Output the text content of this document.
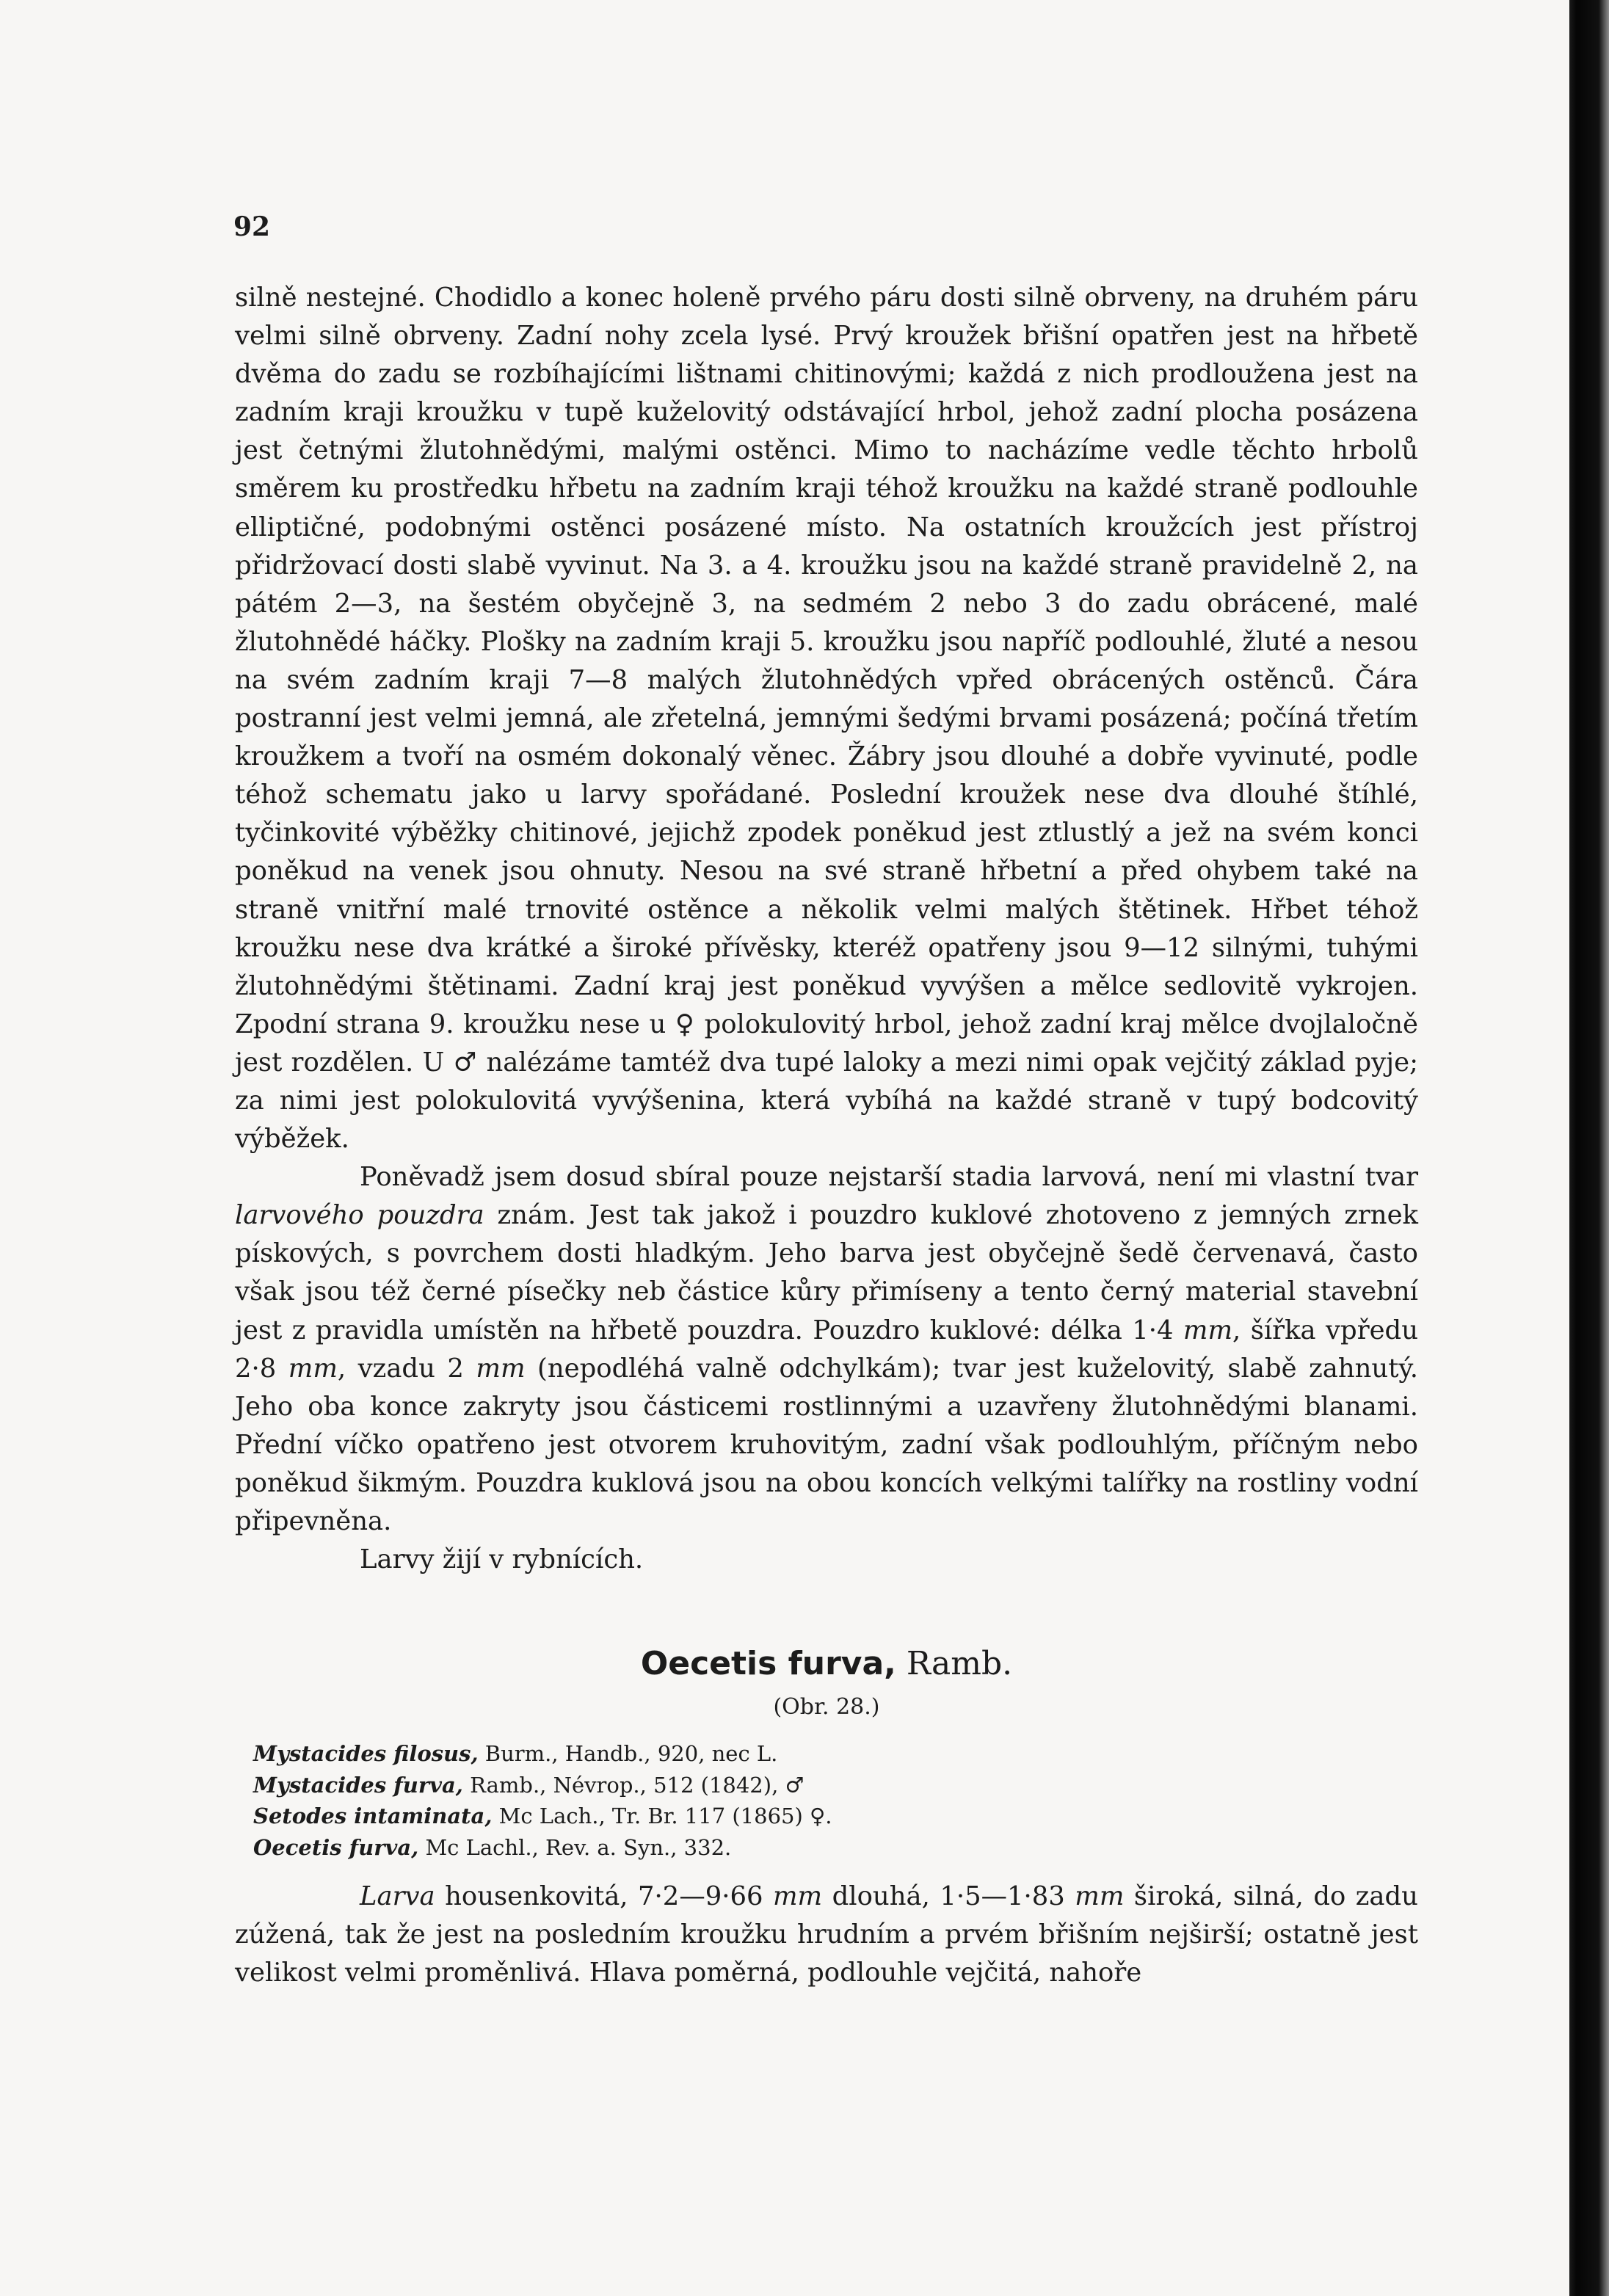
92

silně nestejné. Chodidlo a konec holeně prvého páru dosti silně obrveny, na druhém páru velmi silně obrveny. Zadní nohy zcela lysé. Prvý kroužek břišní opatřen jest na hřbetě dvěma do zadu se rozbíhajícími lištnami chitinovými; každá z nich prodloužena jest na zadním kraji kroužku v tupě kuželovitý odstávající hrbol, jehož zadní plocha posázena jest četnými žlutohnědými, malými ostěnci. Mimo to nacházíme vedle těchto hrbolů směrem ku prostředku hřbetu na zadním kraji téhož kroužku na každé straně podlouhle elliptičné, podobnými ostěnci posázené místo. Na ostatních kroužcích jest přístroj přidržovací dosti slabě vyvinut. Na 3. a 4. kroužku jsou na každé straně pravidelně 2, na pátém 2—3, na šestém obyčejně 3, na sedmém 2 nebo 3 do zadu obrácené, malé žlutohnědé háčky. Plošky na zadním kraji 5. kroužku jsou napříč podlouhlé, žluté a nesou na svém zadním kraji 7—8 malých žlutohnědých vpřed obrácených ostěnců. Čára postranní jest velmi jemná, ale zřetelná, jemnými šedými brvami posázená; počíná třetím kroužkem a tvoří na osmém dokonalý věnec. Žábry jsou dlouhé a dobře vyvinuté, podle téhož schematu jako u larvy spořádané. Poslední kroužek nese dva dlouhé štíhlé, tyčinkovité výběžky chitinové, jejichž zpodek poněkud jest ztlustlý a jež na svém konci poněkud na venek jsou ohnuty. Nesou na své straně hřbetní a před ohybem také na straně vnitřní malé trnovité ostěnce a několik velmi malých štětinek. Hřbet téhož kroužku nese dva krátké a široké přívěsky, kteréž opatřeny jsou 9—12 silnými, tuhými žlutohnědými štětinami. Zadní kraj jest poněkud vyvýšen a mělce sedlovitě vykrojen. Zpodní strana 9. kroužku nese u ♀ polokulovitý hrbol, jehož zadní kraj mělce dvojlaločně jest rozdělen. U ♂ nalézáme tamtéž dva tupé laloky a mezi nimi opak vejčitý základ pyje; za nimi jest polokulovitá vyvýšenina, která vybíhá na každé straně v tupý bodcovitý výběžek.

Poněvadž jsem dosud sbíral pouze nejstarší stadia larvová, není mi vlastní tvar larvového pouzdra znám. Jest tak jakož i pouzdro kuklové zhotoveno z jemných zrnek pískových, s povrchem dosti hladkým. Jeho barva jest obyčejně šedě červenavá, často však jsou též černé písečky neb částice kůry přimíseny a tento černý material stavební jest z pravidla umístěn na hřbetě pouzdra. Pouzdro kuklové: délka 1·4 mm, šířka vpředu 2·8 mm, vzadu 2 mm (nepodléhá valně odchylkám); tvar jest kuželovitý, slabě zahnutý. Jeho oba konce zakryty jsou částicemi rostlinnými a uzavřeny žlutohnědými blanami. Přední víčko opatřeno jest otvorem kruhovitým, zadní však podlouhlým, příčným nebo poněkud šikmým. Pouzdra kuklová jsou na obou koncích velkými talířky na rostliny vodní připevněna.

Larvy žijí v rybnících.

Oecetis furva, Ramb.
(Obr. 28.)
Mystacides filosus, Burm., Handb., 920, nec L.
Mystacides furva, Ramb., Névrop., 512 (1842), ♂
Setodes intaminata, Mc Lach., Tr. Br. 117 (1865) ♀.
Oecetis furva, Mc Lachl., Rev. a. Syn., 332.

Larva housenkovitá, 7·2—9·66 mm dlouhá, 1·5—1·83 mm široká, silná, do zadu zúžená, tak že jest na posledním kroužku hrudním a prvém břišním nejširší; ostatně jest velikost velmi proměnlivá. Hlava poměrná, podlouhle vejčitá, nahoře
